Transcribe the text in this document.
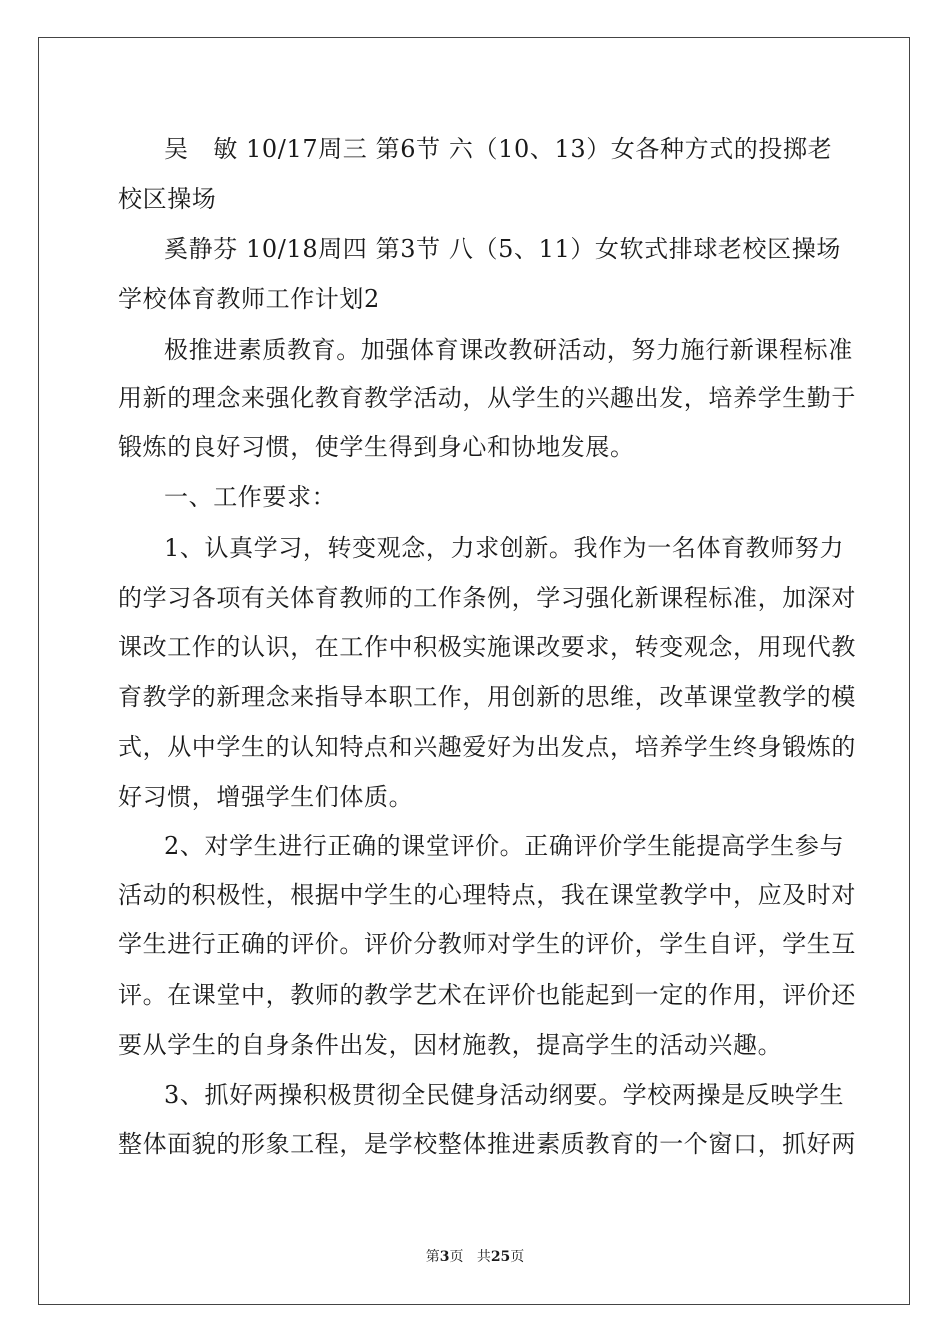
吴　敏 10/17周三 第6节 六（10、13）女各种方式的投掷老
校区操场
奚静芬 10/18周四 第3节 八（5、11）女软式排球老校区操场
学校体育教师工作计划2
极推进素质教育。加强体育课改教研活动，努力施行新课程标准
用新的理念来强化教育教学活动，从学生的兴趣出发，培养学生勤于
锻炼的良好习惯，使学生得到身心和协地发展。
一、工作要求：
1、认真学习，转变观念，力求创新。我作为一名体育教师努力
的学习各项有关体育教师的工作条例，学习强化新课程标准，加深对
课改工作的认识，在工作中积极实施课改要求，转变观念，用现代教
育教学的新理念来指导本职工作，用创新的思维，改革课堂教学的模
式，从中学生的认知特点和兴趣爱好为出发点，培养学生终身锻炼的
好习惯，增强学生们体质。
2、对学生进行正确的课堂评价。正确评价学生能提高学生参与
活动的积极性，根据中学生的心理特点，我在课堂教学中，应及时对
学生进行正确的评价。评价分教师对学生的评价，学生自评，学生互
评。在课堂中，教师的教学艺术在评价也能起到一定的作用，评价还
要从学生的自身条件出发，因材施教，提高学生的活动兴趣。
3、抓好两操积极贯彻全民健身活动纲要。学校两操是反映学生
整体面貌的形象工程，是学校整体推进素质教育的一个窗口，抓好两
第3页 共25页
